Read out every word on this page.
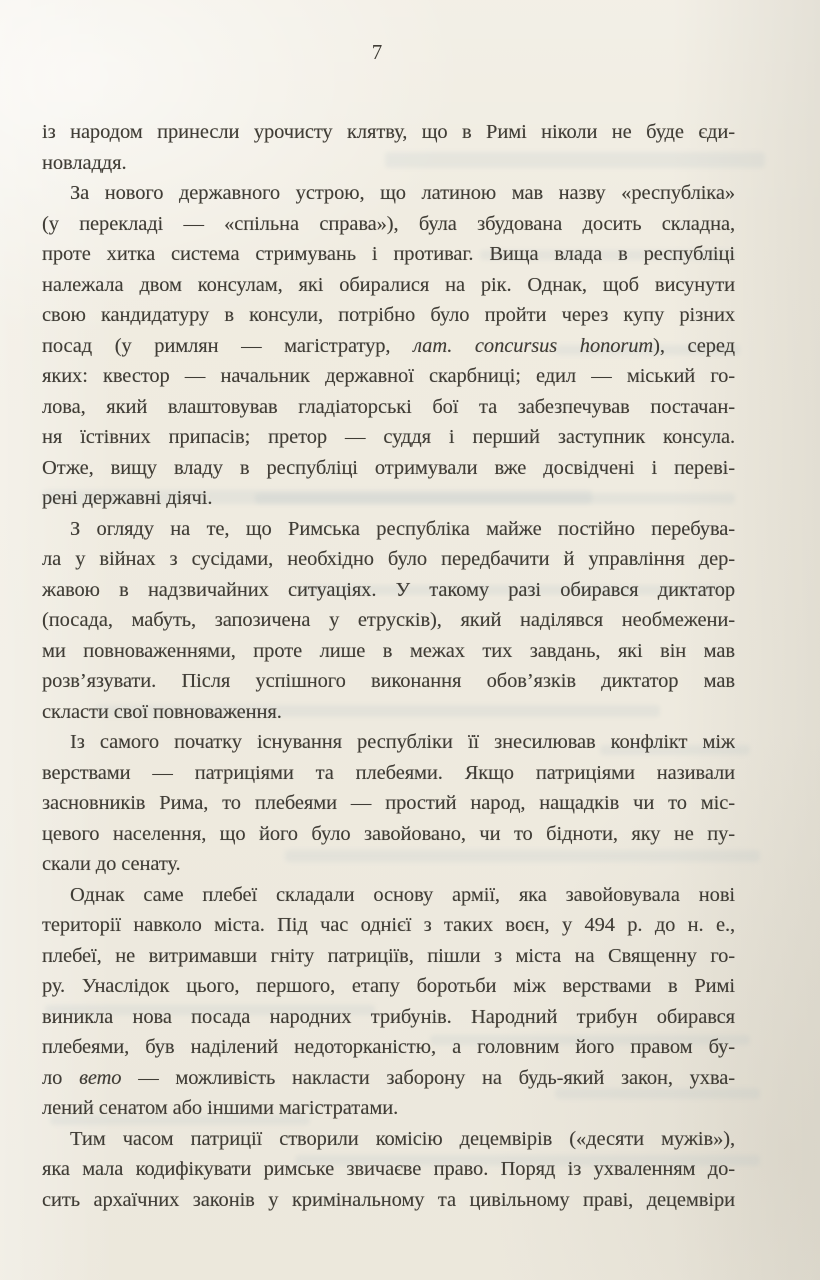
7
із народом принесли урочисту клятву, що в Римі ніколи не буде єди-
новладдя.
За нового державного устрою, що латиною мав назву «республіка»
(у перекладі — «спільна справа»), була збудована досить складна,
проте хитка система стримувань і противаг. Вища влада в республіці
належала двом консулам, які обиралися на рік. Однак, щоб висунути
свою кандидатуру в консули, потрібно було пройти через купу різних
посад (у римлян — магістратур, лат. concursus honorum), серед
яких: квестор — начальник державної скарбниці; едил — міський го-
лова, який влаштовував гладіаторські бої та забезпечував постачан-
ня їстівних припасів; претор — суддя і перший заступник консула.
Отже, вищу владу в республіці отримували вже досвідчені і переві-
рені державні діячі.
З огляду на те, що Римська республіка майже постійно перебува-
ла у війнах з сусідами, необхідно було передбачити й управління дер-
жавою в надзвичайних ситуаціях. У такому разі обирався диктатор
(посада, мабуть, запозичена у етрусків), який наділявся необмежени-
ми повноваженнями, проте лише в межах тих завдань, які він мав
розв’язувати. Після успішного виконання обов’язків диктатор мав
скласти свої повноваження.
Із самого початку існування республіки її знесилював конфлікт між
верствами — патриціями та плебеями. Якщо патриціями називали
засновників Рима, то плебеями — простий народ, нащадків чи то міс-
цевого населення, що його було завойовано, чи то бідноти, яку не пу-
скали до сенату.
Однак саме плебеї складали основу армії, яка завойовувала нові
території навколо міста. Під час однієї з таких воєн, у 494 р. до н. е.,
плебеї, не витримавши гніту патриціїв, пішли з міста на Священну го-
ру. Унаслідок цього, першого, етапу боротьби між верствами в Римі
виникла нова посада народних трибунів. Народний трибун обирався
плебеями, був наділений недоторканістю, а головним його правом бу-
ло вето — можливість накласти заборону на будь-який закон, ухва-
лений сенатом або іншими магістратами.
Тим часом патриції створили комісію децемвірів («десяти мужів»),
яка мала кодифікувати римське звичаєве право. Поряд із ухваленням до-
сить архаїчних законів у кримінальному та цивільному праві, децемвіри
